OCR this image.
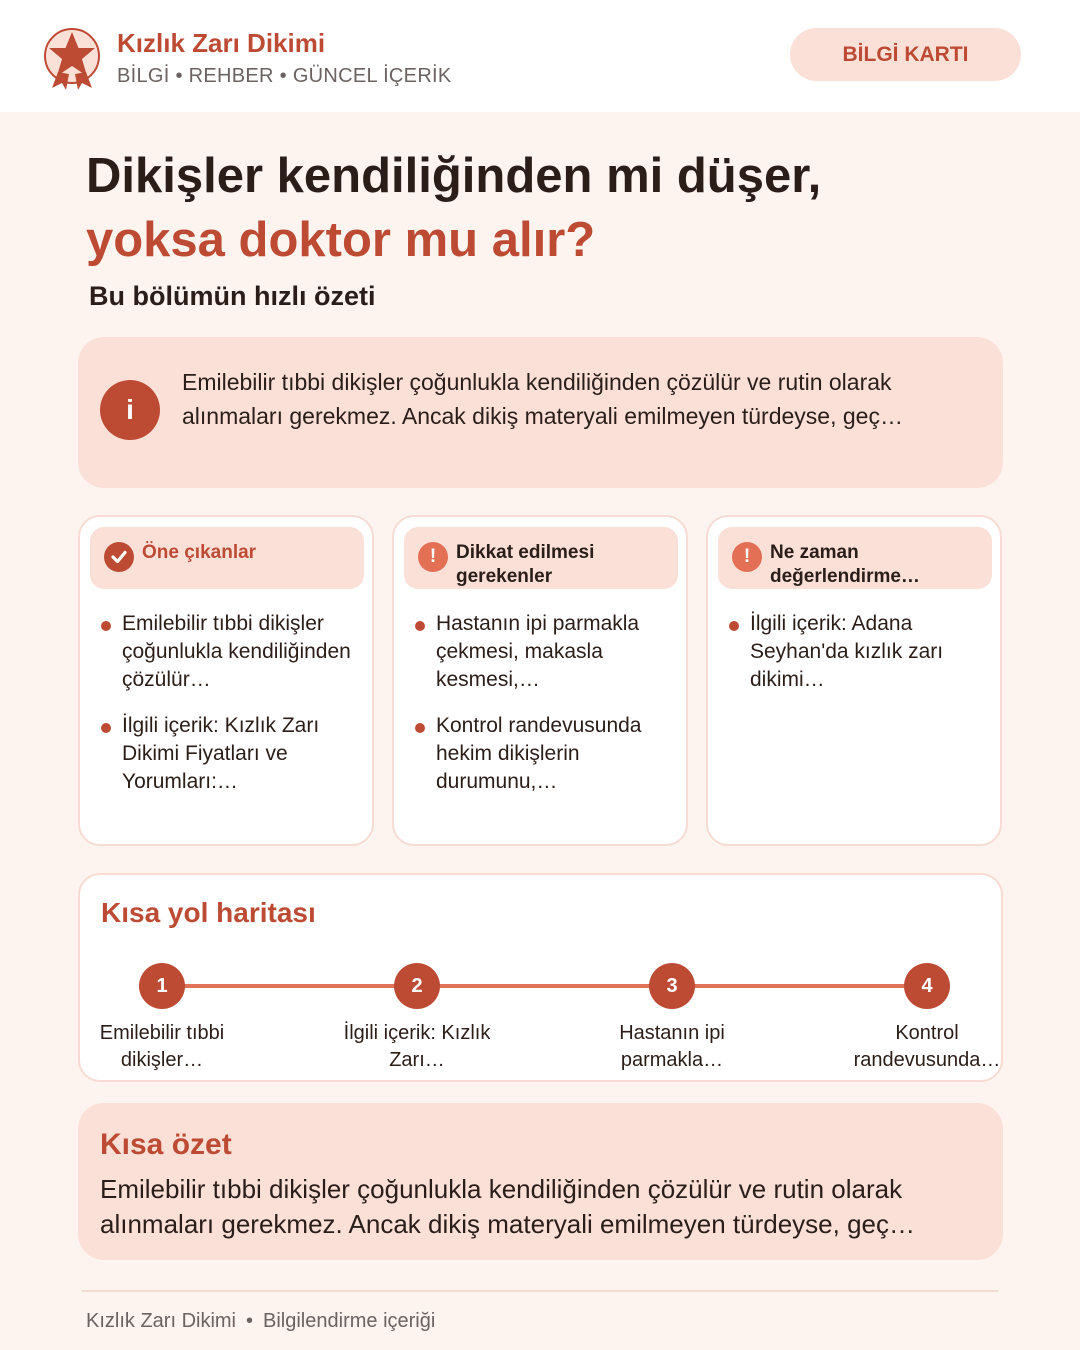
Kızlık Zarı Dikimi
BİLGİ • REHBER • GÜNCEL İÇERİK
BİLGİ KARTI
Dikişler kendiliğinden mi düşer,
yoksa doktor mu alır?
Bu bölümün hızlı özeti
i
Emilebilir tıbbi dikişler çoğunlukla kendiliğinden çözülür ve rutin olarak alınmaları gerekmez. Ancak dikiş materyali emilmeyen türdeyse, geç…
Öne çıkanlar
Emilebilir tıbbi dikişler çoğunlukla kendiliğinden çözülür…
İlgili içerik: Kızlık Zarı Dikimi Fiyatları ve Yorumları:…
!	Dikkat edilmesi gerekenler
Hastanın ipi parmakla çekmesi, makasla kesmesi,…
Kontrol randevusunda hekim dikişlerin durumunu,…
!	Ne zaman değerlendirme…
İlgili içerik: Adana Seyhan'da kızlık zarı dikimi…
Kısa yol haritası
1	2	3	4
Emilebilir tıbbi dikişler…
İlgili içerik: Kızlık Zarı…
Hastanın ipi parmakla…
Kontrol randevusunda…
Kısa özet
Emilebilir tıbbi dikişler çoğunlukla kendiliğinden çözülür ve rutin olarak alınmaları gerekmez. Ancak dikiş materyali emilmeyen türdeyse, geç…
Kızlık Zarı Dikimi • Bilgilendirme içeriği
